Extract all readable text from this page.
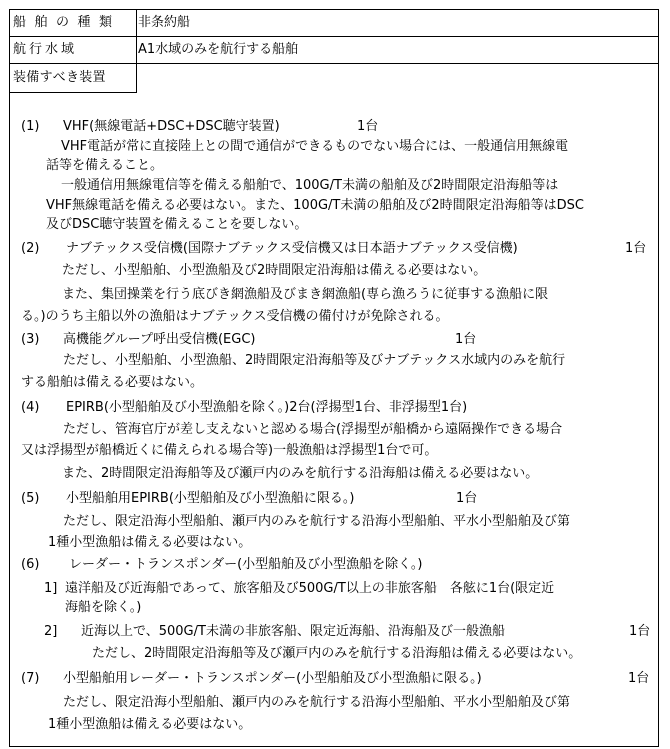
船舶の種類	非条約船
航行水域	A1水域のみを航行する船舶
装備すべき装置
(1) VHF(無線電話+DSC+DSC聴守装置)	1台
VHF電話が常に直接陸上との間で通信ができるものでない場合には、一般通信用無線電
話等を備えること。
一般通信用無線電信等を備える船舶で、100G/T未満の船舶及び2時間限定沿海船等は
VHF無線電話を備える必要はない。また、100G/T未満の船舶及び2時間限定沿海船等はDSC
及びDSC聴守装置を備えることを要しない。
(2) ナブテックス受信機(国際ナブテックス受信機又は日本語ナブテックス受信機)	1台
ただし、小型船舶、小型漁船及び2時間限定沿海船は備える必要はない。
また、集団操業を行う底びき網漁船及びまき網漁船(専ら漁ろうに従事する漁船に限
る。)のうち主船以外の漁船はナブテックス受信機の備付けが免除される。
(3) 高機能グループ呼出受信機(EGC)	1台
ただし、小型船舶、小型漁船、2時間限定沿海船等及びナブテックス水域内のみを航行
する船舶は備える必要はない。
(4) EPIRB(小型船舶及び小型漁船を除く。)2台(浮揚型1台、非浮揚型1台)
ただし、管海官庁が差し支えないと認める場合(浮揚型が船橋から遠隔操作できる場合
又は浮揚型が船橋近くに備えられる場合等)一般漁船は浮揚型1台で可。
また、2時間限定沿海船等及び瀬戸内のみを航行する沿海船は備える必要はない。
(5) 小型船舶用EPIRB(小型船舶及び小型漁船に限る。)	1台
ただし、限定沿海小型船舶、瀬戸内のみを航行する沿海小型船舶、平水小型船舶及び第
1種小型漁船は備える必要はない。
(6) レーダー・トランスポンダー(小型船舶及び小型漁船を除く。)
1] 遠洋船及び近海船であって、旅客船及び500G/T以上の非旅客船　各舷に1台(限定近
海船を除く。)
2] 近海以上で、500G/T未満の非旅客船、限定近海船、沿海船及び一般漁船	1台
ただし、2時間限定沿海船等及び瀬戸内のみを航行する沿海船は備える必要はない。
(7) 小型船舶用レーダー・トランスポンダー(小型船舶及び小型漁船に限る。)	1台
ただし、限定沿海小型船舶、瀬戸内のみを航行する沿海小型船舶、平水小型船舶及び第
1種小型漁船は備える必要はない。
